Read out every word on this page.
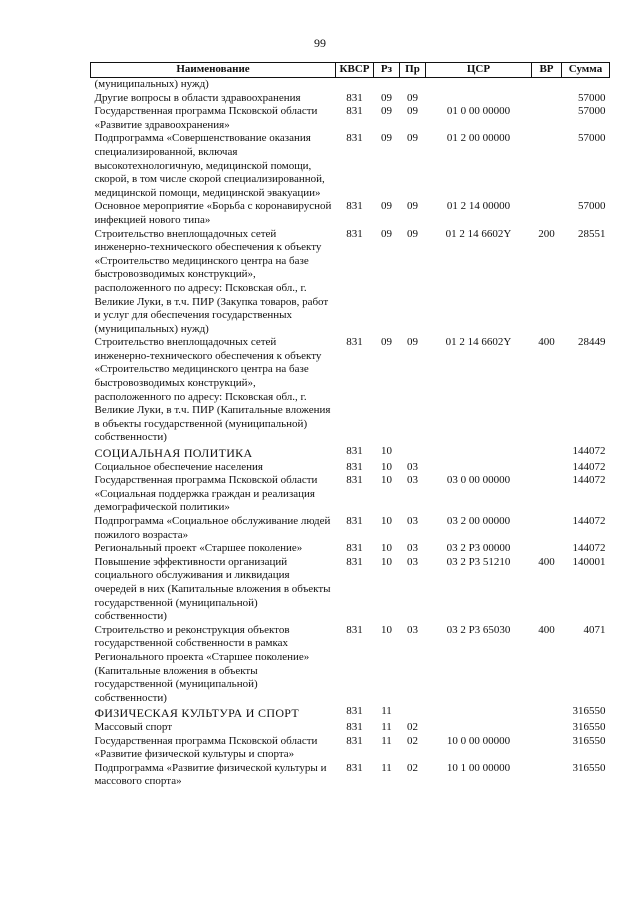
99
Наименование	КВСР	Рз	Пр	ЦСР	ВР	Сумма
(муниципальных) нужд)						
Другие вопросы в области здравоохранения	831	09	09			57000
Государственная программа Псковской области «Развитие здравоохранения»	831	09	09	01 0 00 00000		57000
Подпрограмма «Совершенствование оказания специализированной, включая высокотехнологичную, медицинской помощи, скорой, в том числе скорой специализированной, медицинской помощи, медицинской эвакуации»	831	09	09	01 2 00 00000		57000
Основное мероприятие «Борьба с коронавирусной инфекцией нового типа»	831	09	09	01 2 14 00000		57000
Строительство внеплощадочных сетей инженерно-технического обеспечения к объекту «Строительство медицинского центра на базе быстровозводимых конструкций», расположенного по адресу: Псковская обл., г. Великие Луки, в т.ч. ПИР (Закупка товаров, работ и услуг для обеспечения государственных (муниципальных) нужд)	831	09	09	01 2 14 6602Y	200	28551
Строительство внеплощадочных сетей инженерно-технического обеспечения к объекту «Строительство медицинского центра на базе быстровозводимых конструкций», расположенного по адресу: Псковская обл., г. Великие Луки, в т.ч. ПИР (Капитальные вложения в объекты государственной (муниципальной) собственности)	831	09	09	01 2 14 6602Y	400	28449
СОЦИАЛЬНАЯ ПОЛИТИКА	831	10				144072
Социальное обеспечение населения	831	10	03			144072
Государственная программа Псковской области «Социальная поддержка граждан и реализация демографической политики»	831	10	03	03 0 00 00000		144072
Подпрограмма «Социальное обслуживание людей пожилого возраста»	831	10	03	03 2 00 00000		144072
Региональный проект «Старшее поколение»	831	10	03	03 2 P3 00000		144072
Повышение эффективности организаций социального обслуживания и ликвидация очередей в них (Капитальные вложения в объекты государственной (муниципальной) собственности)	831	10	03	03 2 P3 51210	400	140001
Строительство и реконструкция объектов государственной собственности в рамках Регионального проекта «Старшее поколение» (Капитальные вложения в объекты государственной (муниципальной) собственности)	831	10	03	03 2 P3 65030	400	4071
ФИЗИЧЕСКАЯ КУЛЬТУРА И СПОРТ	831	11				316550
Массовый спорт	831	11	02			316550
Государственная программа Псковской области «Развитие физической культуры и спорта»	831	11	02	10 0 00 00000		316550
Подпрограмма «Развитие физической культуры и массового спорта»	831	11	02	10 1 00 00000		316550
